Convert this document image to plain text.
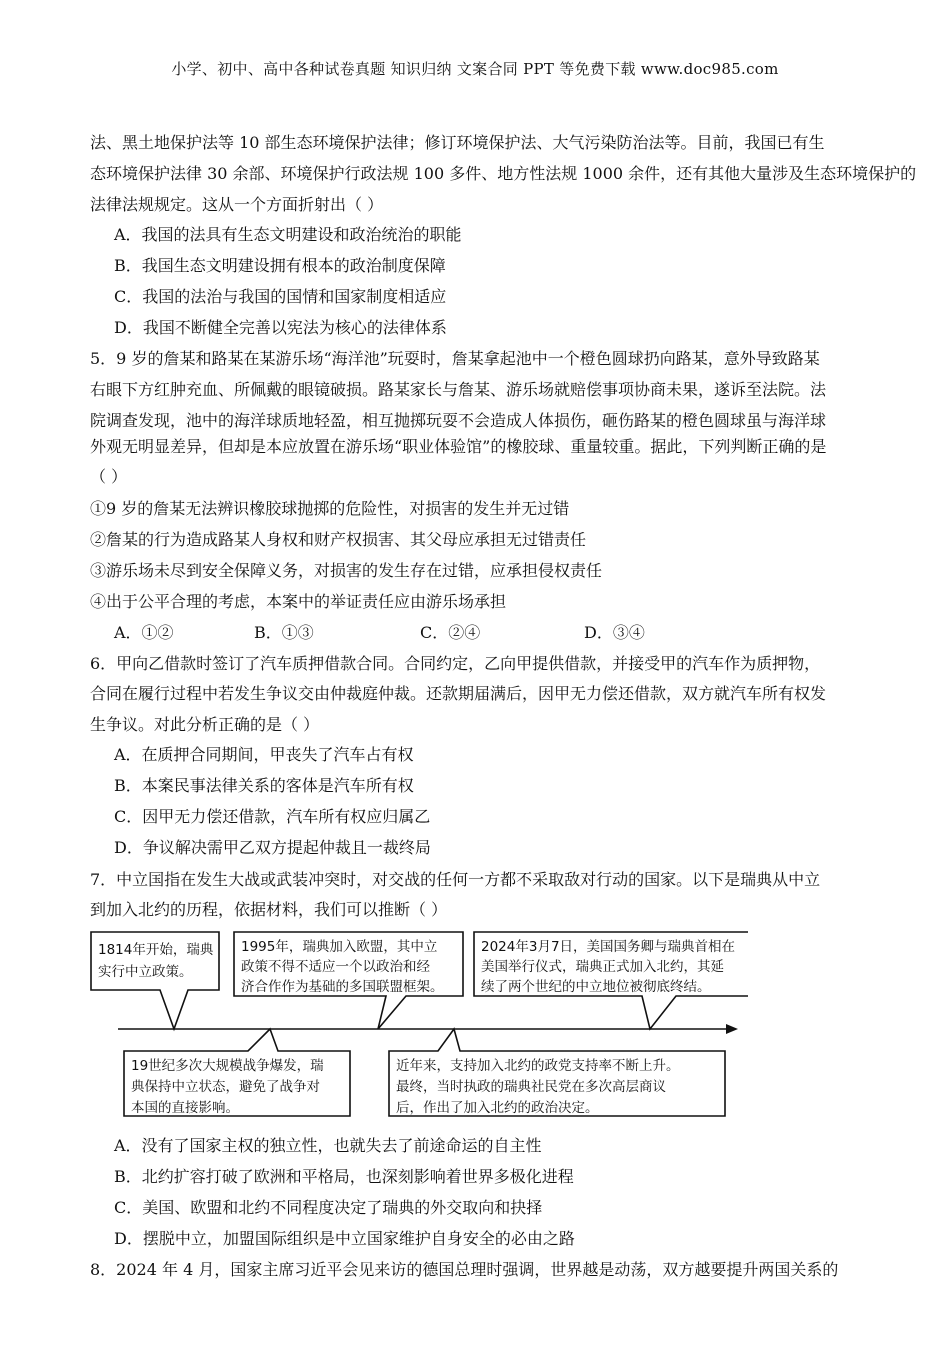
小学、初中、高中各种试卷真题 知识归纳 文案合同 PPT 等免费下载 www.doc985.com
法、黑土地保护法等 10 部生态环境保护法律；修订环境保护法、大气污染防治法等。目前，我国已有生
态环境保护法律 30 余部、环境保护行政法规 100 多件、地方性法规 1000 余件，还有其他大量涉及生态环境保护的
法律法规规定。这从一个方面折射出（ ）
A．我国的法具有生态文明建设和政治统治的职能
B．我国生态文明建设拥有根本的政治制度保障
C．我国的法治与我国的国情和国家制度相适应
D．我国不断健全完善以宪法为核心的法律体系
5．9 岁的詹某和路某在某游乐场“海洋池”玩耍时，詹某拿起池中一个橙色圆球扔向路某，意外导致路某
右眼下方红肿充血、所佩戴的眼镜破损。路某家长与詹某、游乐场就赔偿事项协商未果，遂诉至法院。法
院调查发现，池中的海洋球质地轻盈，相互抛掷玩耍不会造成人体损伤，砸伤路某的橙色圆球虽与海洋球
外观无明显差异，但却是本应放置在游乐场“职业体验馆”的橡胶球、重量较重。据此，下列判断正确的是
（ ）
①9 岁的詹某无法辨识橡胶球抛掷的危险性，对损害的发生并无过错
②詹某的行为造成路某人身权和财产权损害、其父母应承担无过错责任
③游乐场未尽到安全保障义务，对损害的发生存在过错，应承担侵权责任
④出于公平合理的考虑，本案中的举证责任应由游乐场承担
A．①②	B．①③	C．②④	D．③④
6．甲向乙借款时签订了汽车质押借款合同。合同约定，乙向甲提供借款，并接受甲的汽车作为质押物，
合同在履行过程中若发生争议交由仲裁庭仲裁。还款期届满后，因甲无力偿还借款，双方就汽车所有权发
生争议。对此分析正确的是（ ）
A．在质押合同期间，甲丧失了汽车占有权
B．本案民事法律关系的客体是汽车所有权
C．因甲无力偿还借款，汽车所有权应归属乙
D．争议解决需甲乙双方提起仲裁且一裁终局
7．中立国指在发生大战或武装冲突时，对交战的任何一方都不采取敌对行动的国家。以下是瑞典从中立
到加入北约的历程，依据材料，我们可以推断（ ）
1814年开始，瑞典
实行中立政策。
1995年，瑞典加入欧盟，其中立
政策不得不适应一个以政治和经
济合作作为基础的多国联盟框架。
2024年3月7日，美国国务卿与瑞典首相在
美国举行仪式，瑞典正式加入北约，其延
续了两个世纪的中立地位被彻底终结。
19世纪多次大规模战争爆发，瑞
典保持中立状态，避免了战争对
本国的直接影响。
近年来，支持加入北约的政党支持率不断上升。
最终，当时执政的瑞典社民党在多次高层商议
后，作出了加入北约的政治决定。
A．没有了国家主权的独立性，也就失去了前途命运的自主性
B．北约扩容打破了欧洲和平格局，也深刻影响着世界多极化进程
C．美国、欧盟和北约不同程度决定了瑞典的外交取向和抉择
D．摆脱中立，加盟国际组织是中立国家维护自身安全的必由之路
8．2024 年 4 月，国家主席习近平会见来访的德国总理时强调，世界越是动荡，双方越要提升两国关系的
